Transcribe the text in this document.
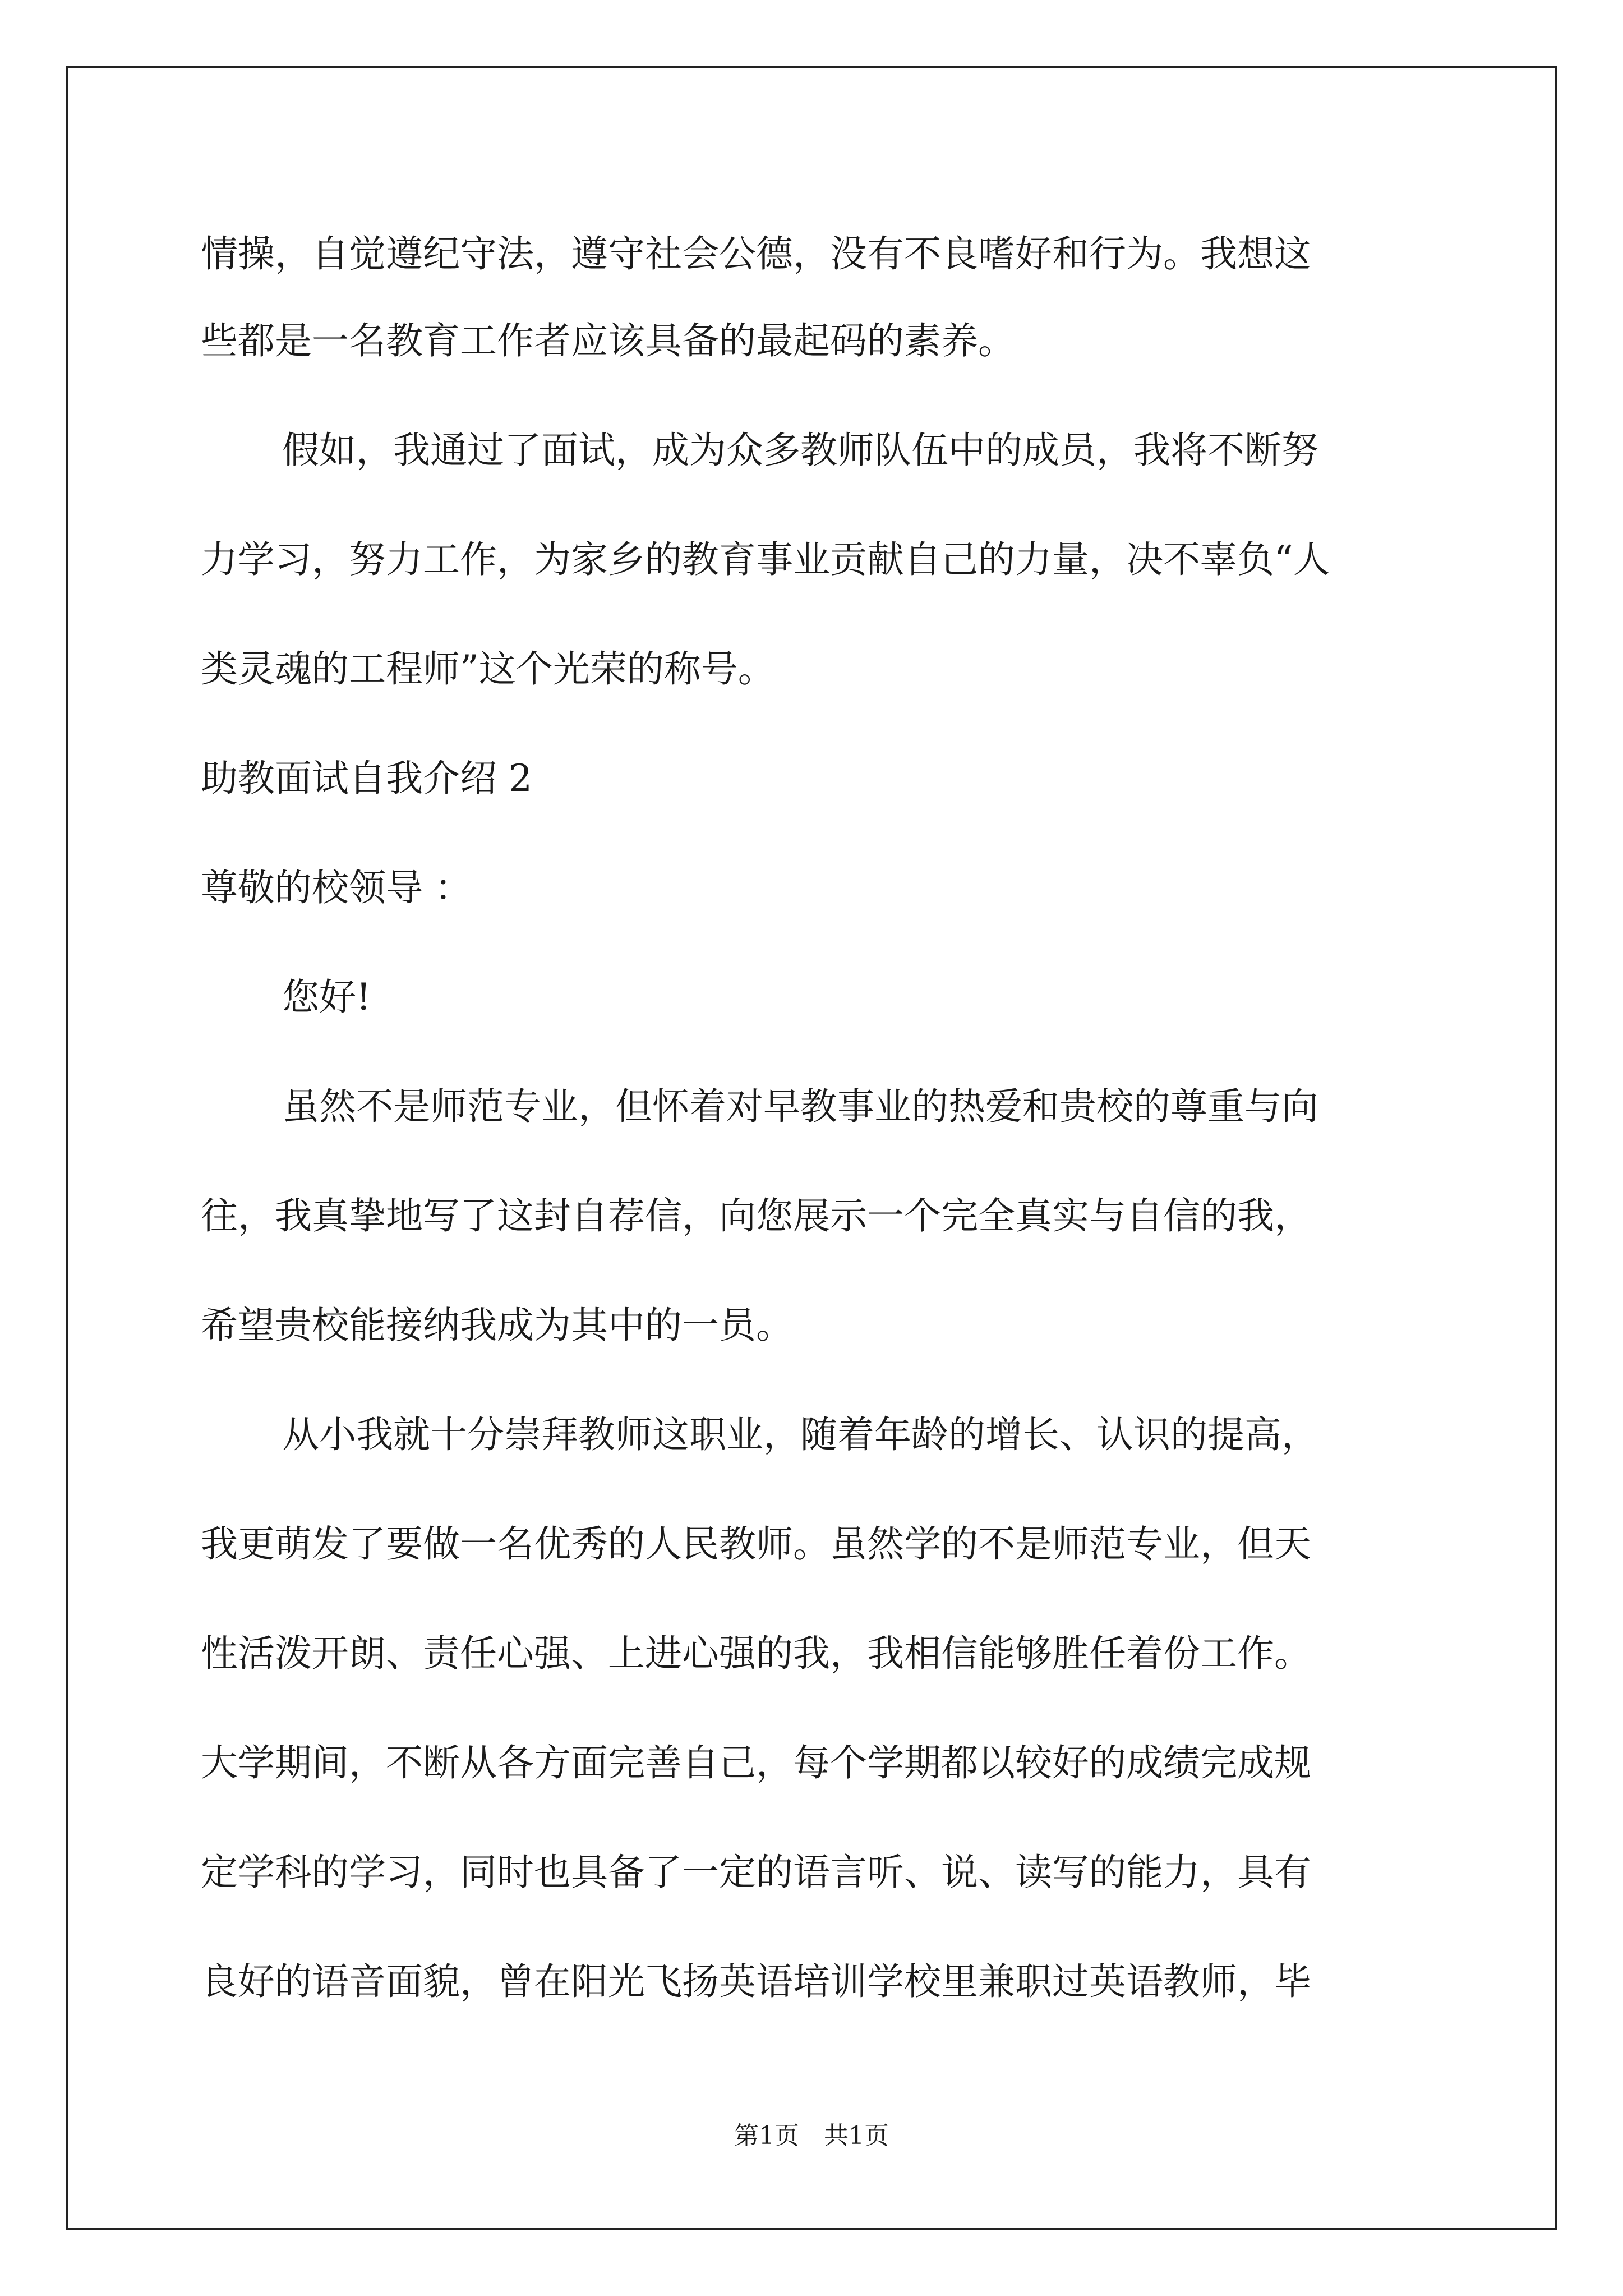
情操，自觉遵纪守法，遵守社会公德，没有不良嗜好和行为。我想这
些都是一名教育工作者应该具备的最起码的素养。
假如，我通过了面试，成为众多教师队伍中的成员，我将不断努
力学习，努力工作，为家乡的教育事业贡献自己的力量，决不辜负“人
类灵魂的工程师”这个光荣的称号。
助教面试自我介绍 2
尊敬的校领导 ：
您好!
虽然不是师范专业，但怀着对早教事业的热爱和贵校的尊重与向
往，我真挚地写了这封自荐信，向您展示一个完全真实与自信的我，
希望贵校能接纳我成为其中的一员。
从小我就十分崇拜教师这职业，随着年龄的增长、认识的提高，
我更萌发了要做一名优秀的人民教师。虽然学的不是师范专业，但天
性活泼开朗、责任心强、上进心强的我，我相信能够胜任着份工作。
大学期间，不断从各方面完善自己，每个学期都以较好的成绩完成规
定学科的学习，同时也具备了一定的语言听、说、读写的能力，具有
良好的语音面貌，曾在阳光飞扬英语培训学校里兼职过英语教师，毕
第1页 共1页
